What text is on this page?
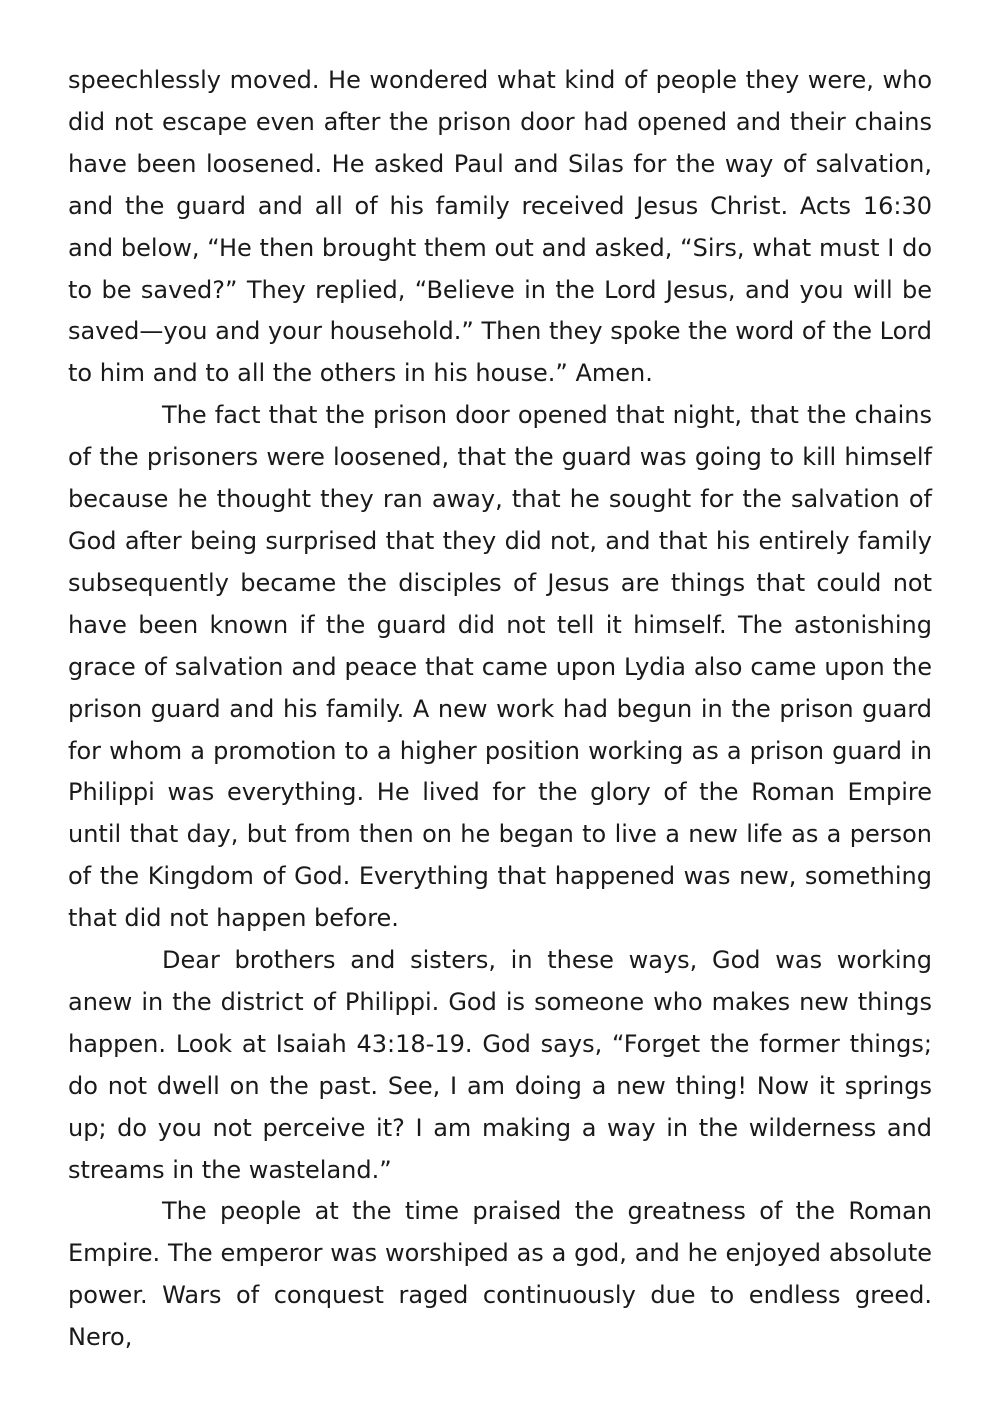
speechlessly moved. He wondered what kind of people they were, who did not escape even after the prison door had opened and their chains have been loosened. He asked Paul and Silas for the way of salvation, and the guard and all of his family received Jesus Christ. Acts 16:30 and below, “He then brought them out and asked, “Sirs, what must I do to be saved?” They replied, “Believe in the Lord Jesus, and you will be saved—you and your household.” Then they spoke the word of the Lord to him and to all the others in his house.” Amen.

The fact that the prison door opened that night, that the chains of the prisoners were loosened, that the guard was going to kill himself because he thought they ran away, that he sought for the salvation of God after being surprised that they did not, and that his entirely family subsequently became the disciples of Jesus are things that could not have been known if the guard did not tell it himself. The astonishing grace of salvation and peace that came upon Lydia also came upon the prison guard and his family. A new work had begun in the prison guard for whom a promotion to a higher position working as a prison guard in Philippi was everything. He lived for the glory of the Roman Empire until that day, but from then on he began to live a new life as a person of the Kingdom of God. Everything that happened was new, something that did not happen before.

Dear brothers and sisters, in these ways, God was working anew in the district of Philippi. God is someone who makes new things happen. Look at Isaiah 43:18-19. God says, “Forget the former things; do not dwell on the past. See, I am doing a new thing! Now it springs up; do you not perceive it? I am making a way in the wilderness and streams in the wasteland.”

The people at the time praised the greatness of the Roman Empire. The emperor was worshiped as a god, and he enjoyed absolute power. Wars of conquest raged continuously due to endless greed. Nero,
